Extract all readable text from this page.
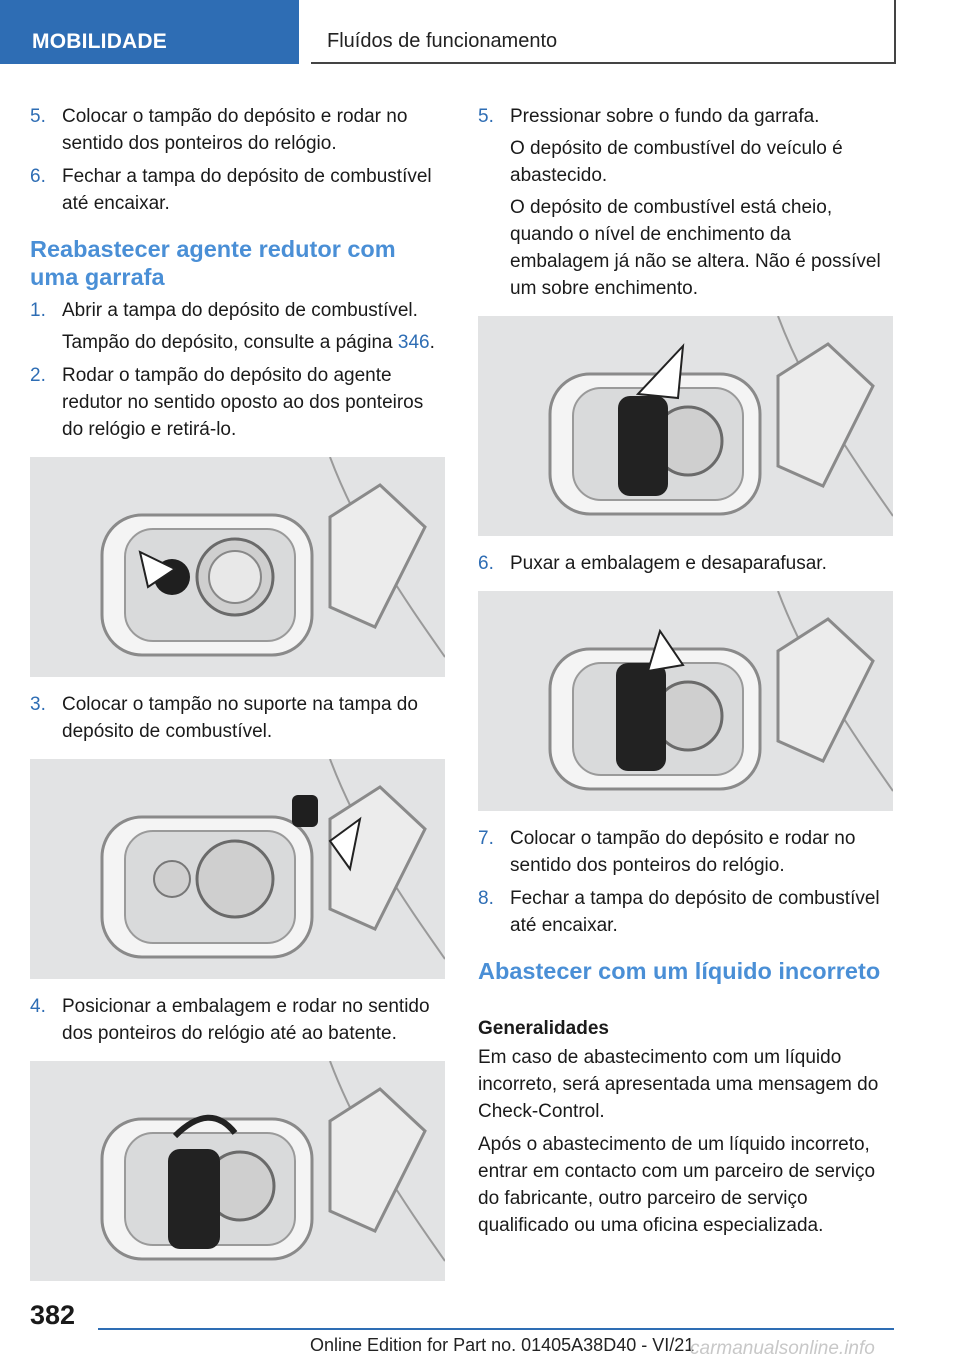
MOBILIDADE	Fluídos de funcionamento
5. Colocar o tampão do depósito e rodar no sentido dos ponteiros do relógio.

6. Fechar a tampa do depósito de combustível até encaixar.

Reabastecer agente redutor com uma garrafa
1. Abrir a tampa do depósito de combustível.

Tampão do depósito, consulte a página 346.

2. Rodar o tampão do depósito do agente redutor no sentido oposto ao dos ponteiros do relógio e retirá-lo.

3. Colocar o tampão no suporte na tampa do depósito de combustível.

4. Posicionar a embalagem e rodar no sentido dos ponteiros do relógio até ao batente.

5. Pressionar sobre o fundo da garrafa.

O depósito de combustível do veículo é abastecido.

O depósito de combustível está cheio, quando o nível de enchimento da embalagem já não se altera. Não é possível um sobre enchimento.

6. Puxar a embalagem e desaparafusar.

7. Colocar o tampão do depósito e rodar no sentido dos ponteiros do relógio.

8. Fechar a tampa do depósito de combustível até encaixar.

Abastecer com um líquido incorreto
Generalidades

Em caso de abastecimento com um líquido incorreto, será apresentada uma mensagem do Check-Control.

Após o abastecimento de um líquido incorreto, entrar em contacto com um parceiro de serviço do fabricante, outro parceiro de serviço qualificado ou uma oficina especializada.

382
Online Edition for Part no. 01405A38D40 - VI/21
carmanualsonline.info
